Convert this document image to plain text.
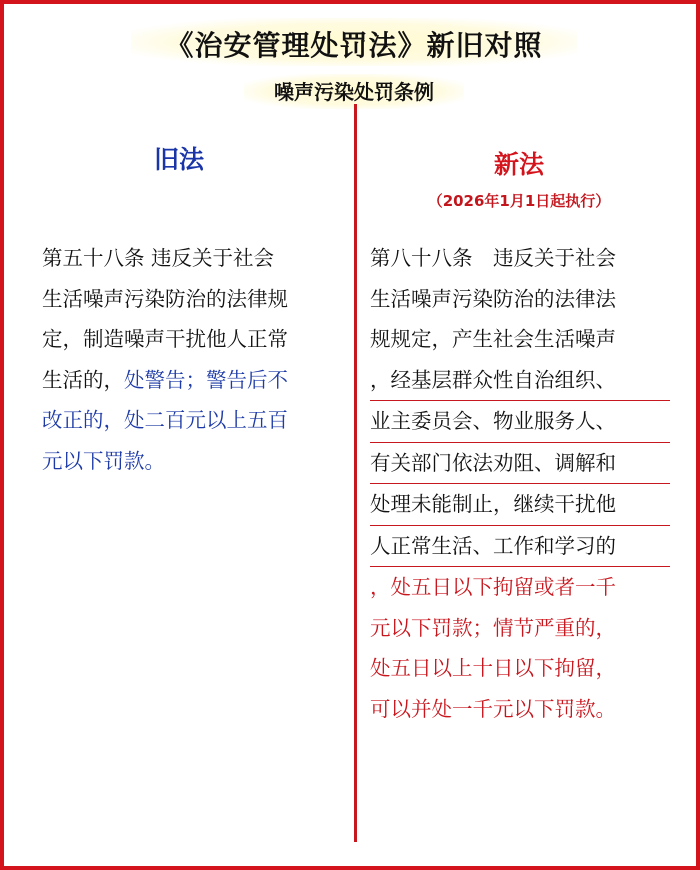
《治安管理处罚法》新旧对照
噪声污染处罚条例
旧法	新法
（2026年1月1日起执行）
第五十八条 违反关于社会
生活噪声污染防治的法律规
定，制造噪声干扰他人正常
生活的，处警告；警告后不
改正的，处二百元以上五百
元以下罚款。
第八十八条　违反关于社会
生活噪声污染防治的法律法
规规定，产生社会生活噪声
，经基层群众性自治组织、
业主委员会、物业服务人、
有关部门依法劝阻、调解和
处理未能制止，继续干扰他
人正常生活、工作和学习的
，处五日以下拘留或者一千
元以下罚款；情节严重的，
处五日以上十日以下拘留，
可以并处一千元以下罚款。
